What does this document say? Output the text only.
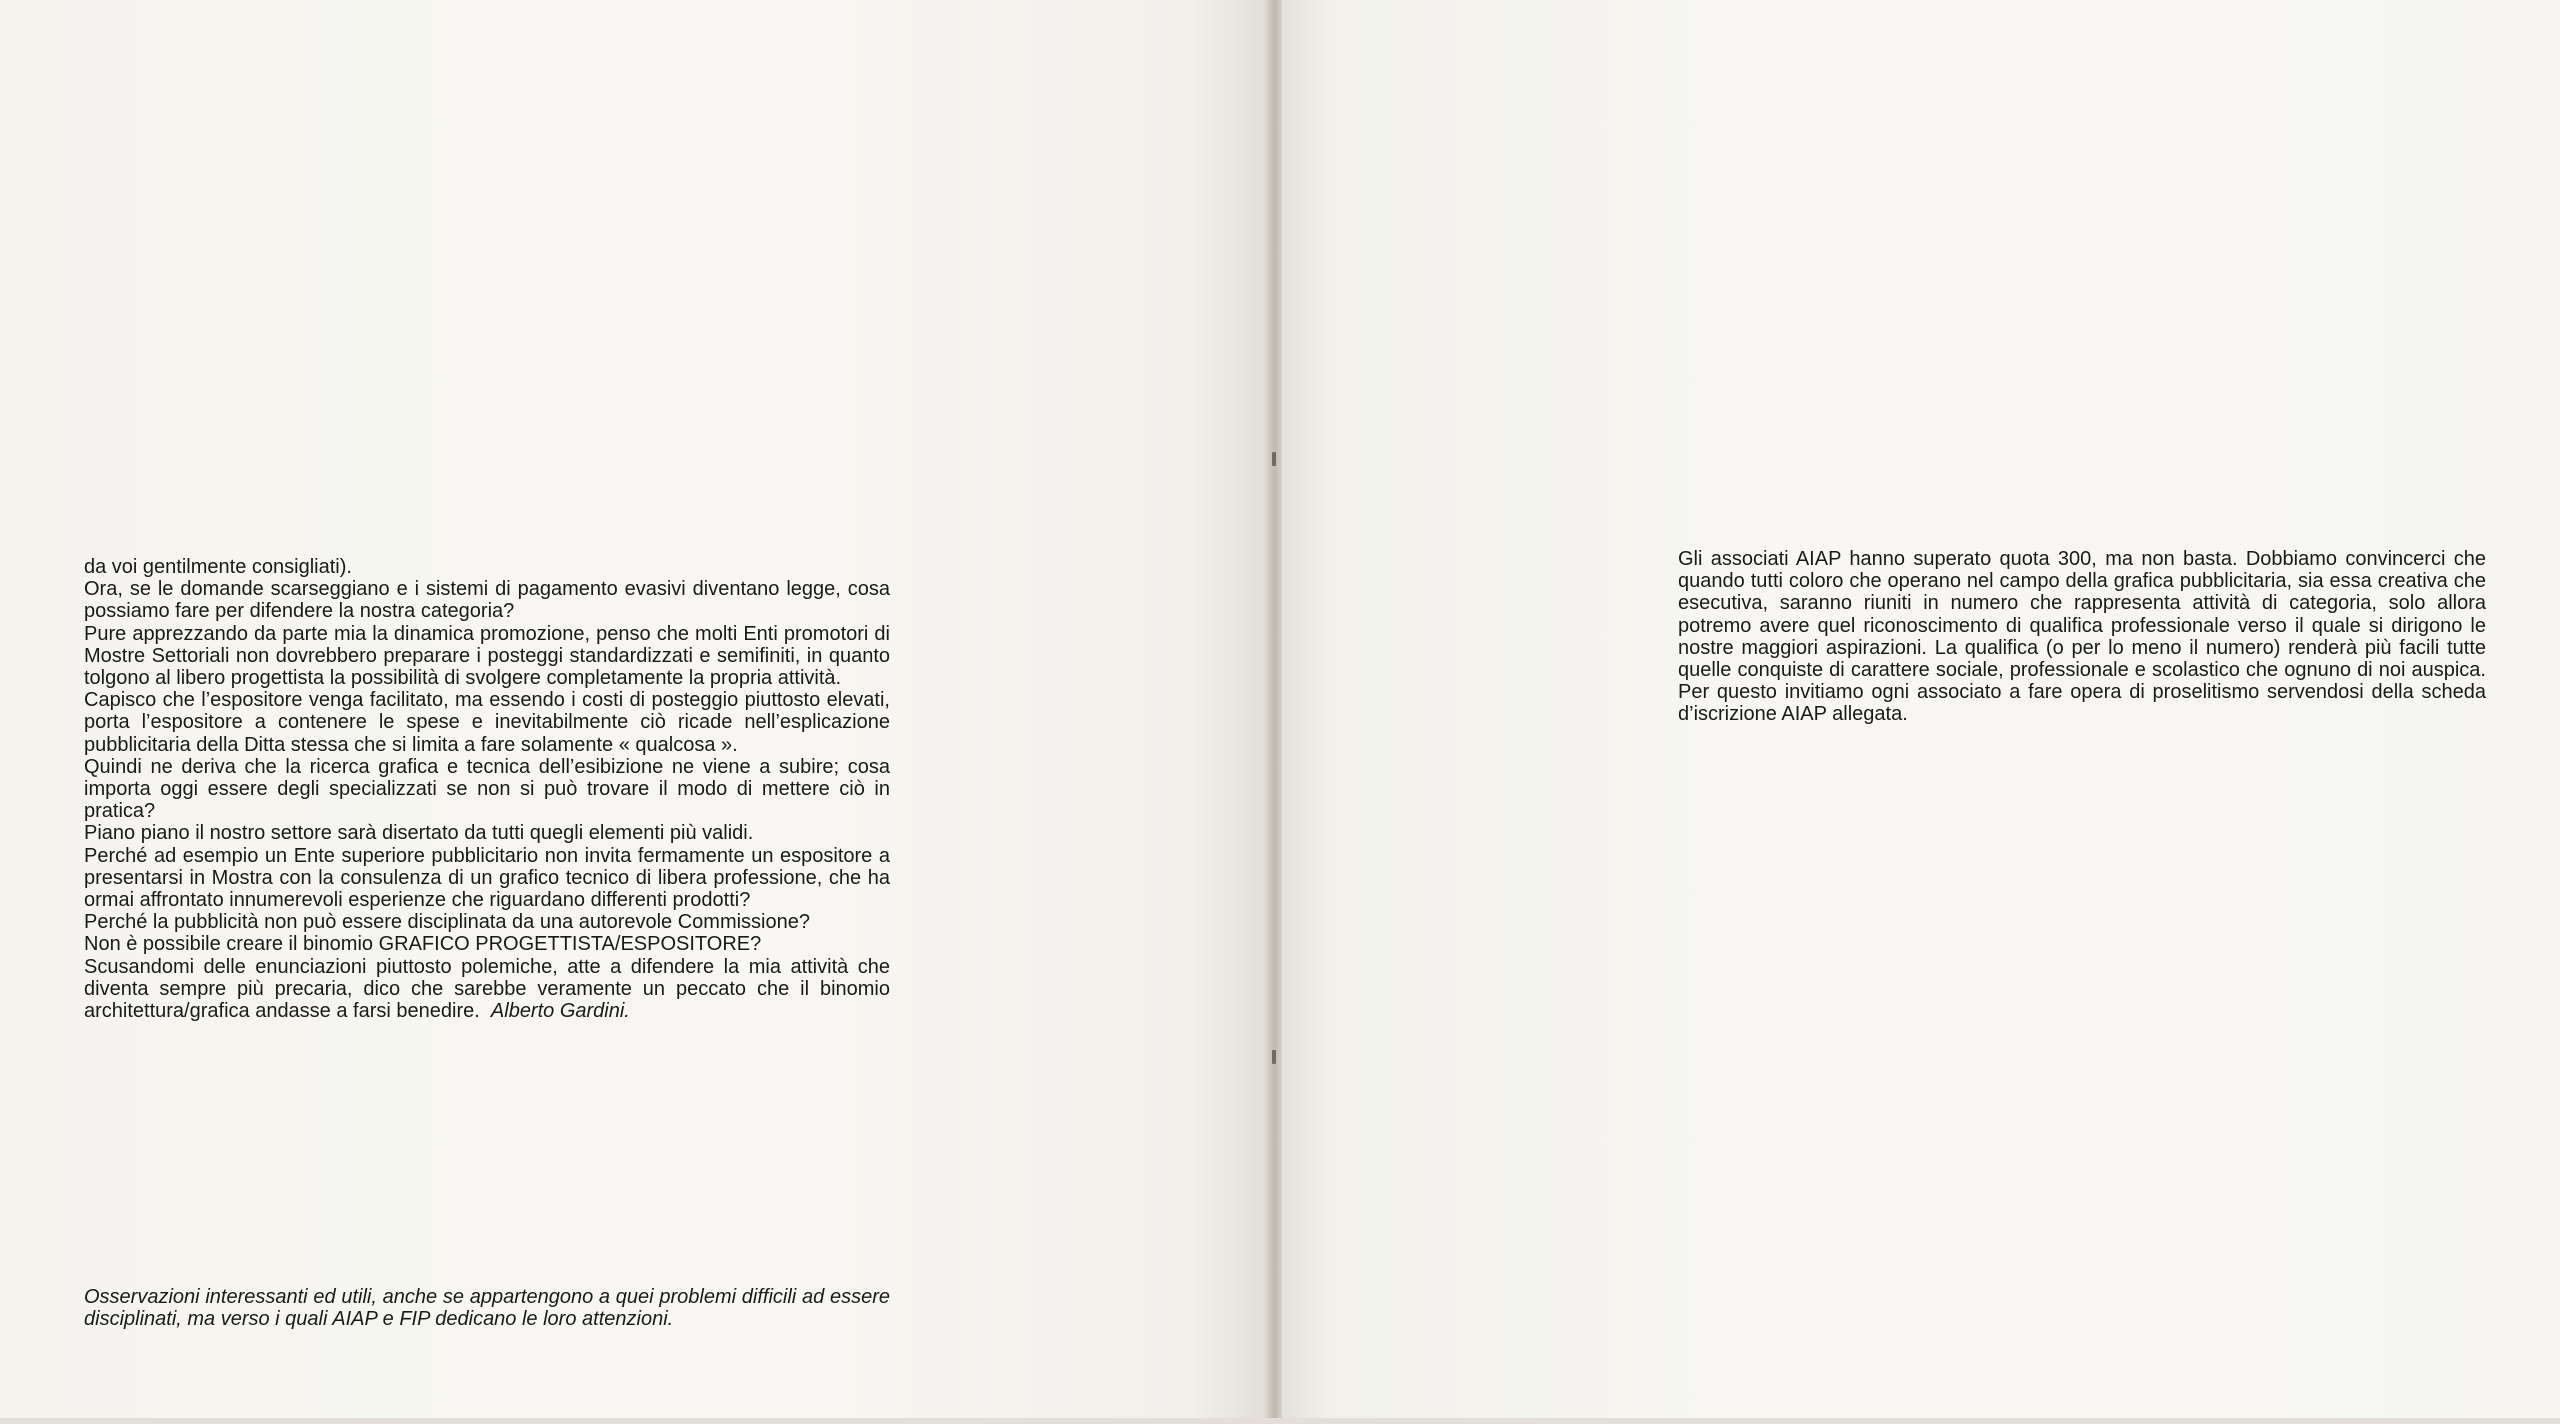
da voi gentilmente consigliati).

Ora, se le domande scarseggiano e i sistemi di pagamento evasivi diventano legge, cosa possiamo fare per difendere la nostra categoria?

Pure apprezzando da parte mia la dinamica promozione, penso che molti Enti promotori di Mostre Settoriali non dovrebbero preparare i posteggi standardizzati e semifiniti, in quanto tolgono al libero progettista la possibilità di svolgere completamente la propria attività.

Capisco che l’espositore venga facilitato, ma essendo i costi di posteggio piuttosto elevati, porta l’espositore a contenere le spese e inevitabilmente ciò ricade nell’esplicazione pubblicitaria della Ditta stessa che si limita a fare solamente « qualcosa ».

Quindi ne deriva che la ricerca grafica e tecnica dell’esibizione ne viene a subire; cosa importa oggi essere degli specializzati se non si può trovare il modo di mettere ciò in pratica?

Piano piano il nostro settore sarà disertato da tutti quegli elementi più validi.

Perché ad esempio un Ente superiore pubblicitario non invita fermamente un espositore a presentarsi in Mostra con la consulenza di un grafico tecnico di libera professione, che ha ormai affrontato innumerevoli esperienze che riguardano differenti prodotti?

Perché la pubblicità non può essere disciplinata da una autorevole Commissione?

Non è possibile creare il binomio GRAFICO PROGETTISTA/ESPOSITORE?

Scusandomi delle enunciazioni piuttosto polemiche, atte a difendere la mia attività che diventa sempre più precaria, dico che sarebbe veramente un peccato che il binomio architettura/grafica andasse a farsi benedire. Alberto Gardini.

Osservazioni interessanti ed utili, anche se appartengono a quei problemi difficili ad essere disciplinati, ma verso i quali AIAP e FIP dedicano le loro attenzioni.

Gli associati AIAP hanno superato quota 300, ma non basta. Dobbiamo convincerci che quando tutti coloro che operano nel campo della grafica pubblicitaria, sia essa creativa che esecutiva, saranno riuniti in numero che rappresenta attività di categoria, solo allora potremo avere quel riconoscimento di qualifica professionale verso il quale si dirigono le nostre maggiori aspirazioni. La qualifica (o per lo meno il numero) renderà più facili tutte quelle conquiste di carattere sociale, professionale e scolastico che ognuno di noi auspica. Per questo invitiamo ogni associato a fare opera di proselitismo servendosi della scheda d’iscrizione AIAP allegata.
